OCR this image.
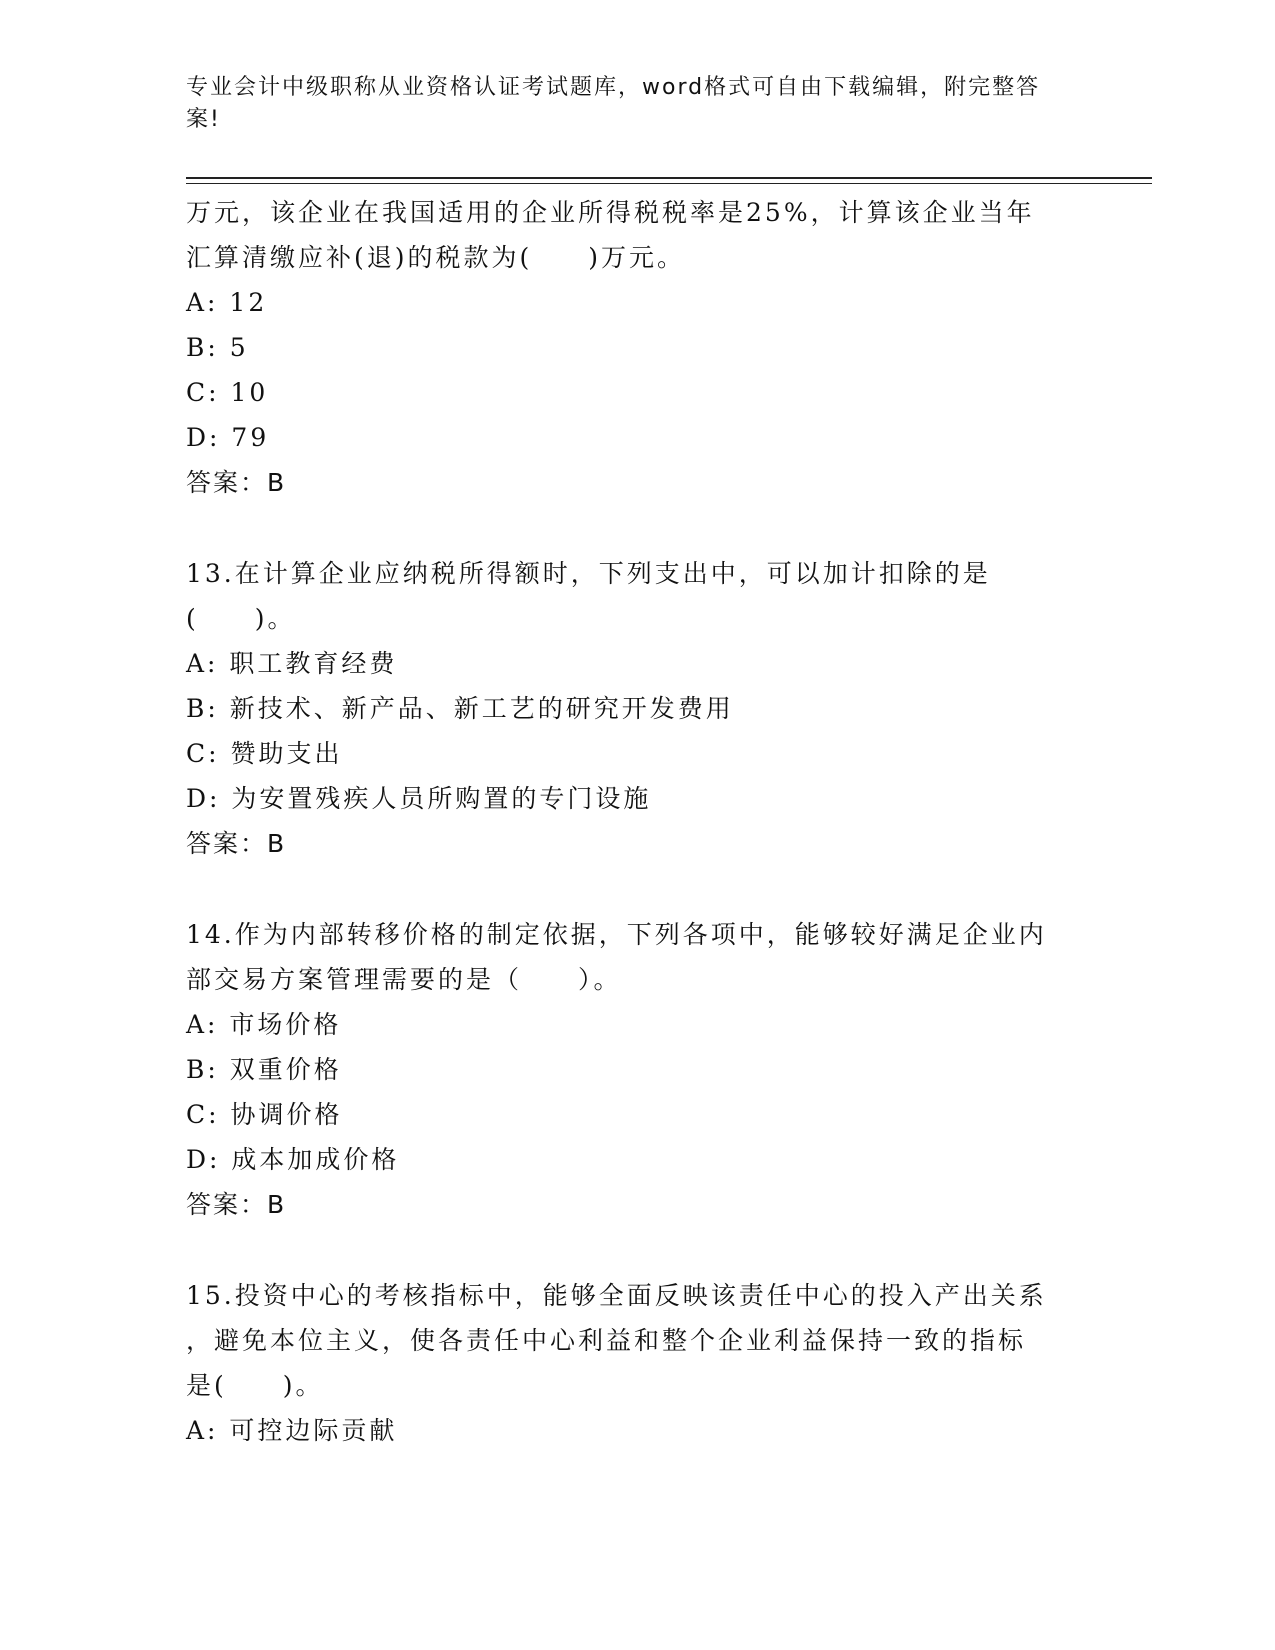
专业会计中级职称从业资格认证考试题库，word格式可自由下载编辑，附完整答
案!
万元，该企业在我国适用的企业所得税税率是25%，计算该企业当年
汇算清缴应补(退)的税款为(　　)万元。
A: 12
B: 5
C: 10
D: 79
答案：B
13.在计算企业应纳税所得额时，下列支出中，可以加计扣除的是
(　　)。
A: 职工教育经费
B: 新技术、新产品、新工艺的研究开发费用
C: 赞助支出
D: 为安置残疾人员所购置的专门设施
答案：B
14.作为内部转移价格的制定依据，下列各项中，能够较好满足企业内
部交易方案管理需要的是（　　）。
A: 市场价格
B: 双重价格
C: 协调价格
D: 成本加成价格
答案：B
15.投资中心的考核指标中，能够全面反映该责任中心的投入产出关系
，避免本位主义，使各责任中心利益和整个企业利益保持一致的指标
是(　　)。
A: 可控边际贡献
